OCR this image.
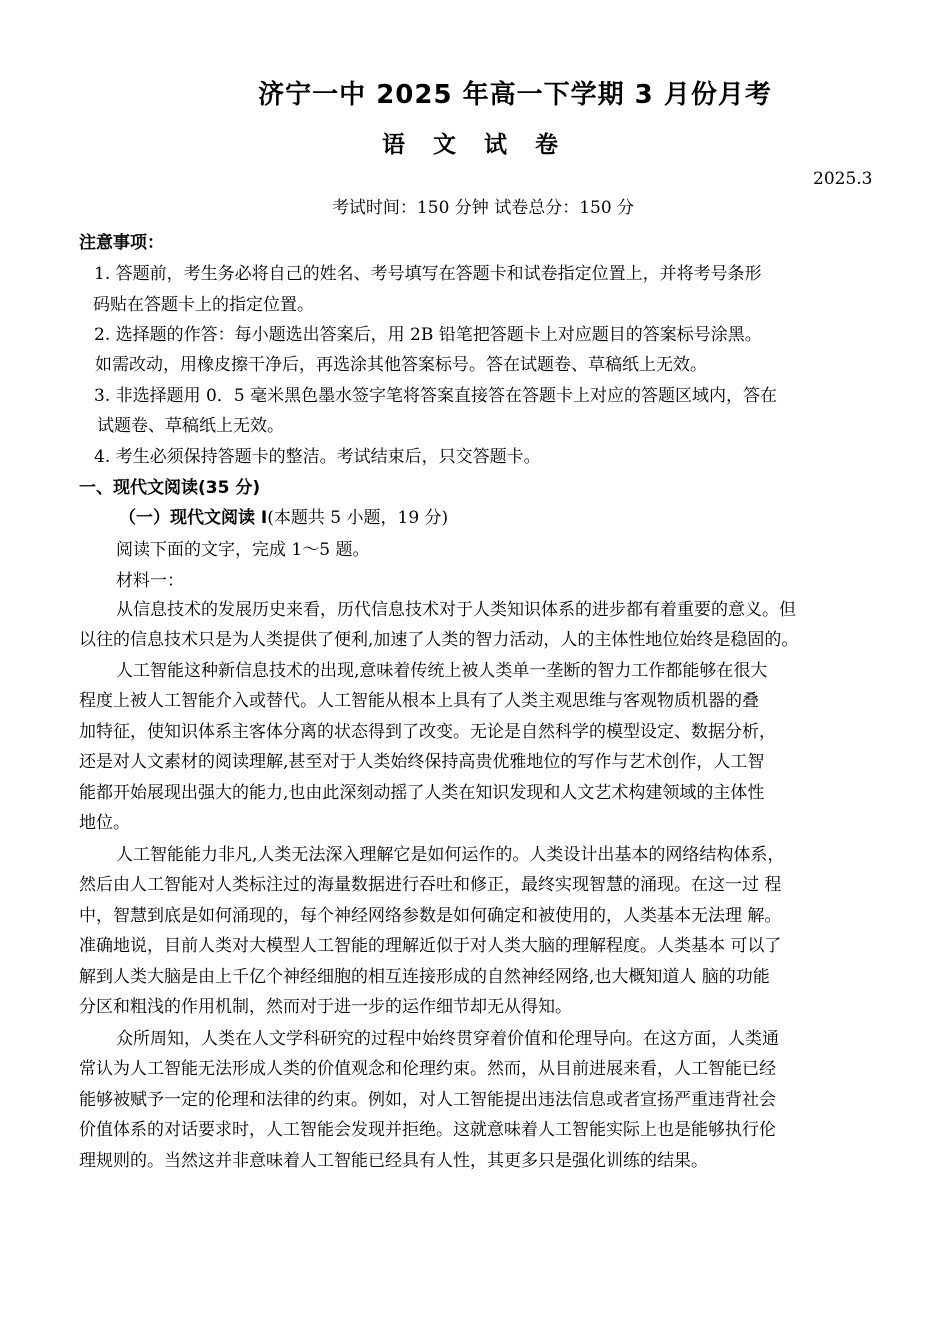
济宁一中 2025 年高一下学期 3 月份月考
语 文 试 卷
2025.3
考试时间：150 分钟 试卷总分：150 分
注意事项：
1. 答题前，考生务必将自己的姓名、考号填写在答题卡和试卷指定位置上，并将考号条形
码贴在答题卡上的指定位置。
2. 选择题的作答：每小题选出答案后，用 2B 铅笔把答题卡上对应题目的答案标号涂黑。
如需改动，用橡皮擦干净后，再选涂其他答案标号。答在试题卷、草稿纸上无效。
3. 非选择题用 0．5 毫米黑色墨水签字笔将答案直接答在答题卡上对应的答题区域内，答在
试题卷、草稿纸上无效。
4. 考生必须保持答题卡的整洁。考试结束后，只交答题卡。
一、现代文阅读(35 分)
（一）现代文阅读 Ⅰ(本题共 5 小题，19 分)
阅读下面的文字，完成 1～5 题。
材料一：
从信息技术的发展历史来看，历代信息技术对于人类知识体系的进步都有着重要的意义。但
以往的信息技术只是为人类提供了便利,加速了人类的智力活动，人的主体性地位始终是稳固的。
人工智能这种新信息技术的出现,意味着传统上被人类单一垄断的智力工作都能够在很大
程度上被人工智能介入或替代。人工智能从根本上具有了人类主观思维与客观物质机器的叠
加特征，使知识体系主客体分离的状态得到了改变。无论是自然科学的模型设定、数据分析，
还是对人文素材的阅读理解,甚至对于人类始终保持高贵优雅地位的写作与艺术创作，人工智
能都开始展现出强大的能力,也由此深刻动摇了人类在知识发现和人文艺术构建领域的主体性
地位。
人工智能能力非凡,人类无法深入理解它是如何运作的。人类设计出基本的网络结构体系，
然后由人工智能对人类标注过的海量数据进行吞吐和修正，最终实现智慧的涌现。在这一过 程
中，智慧到底是如何涌现的，每个神经网络参数是如何确定和被使用的，人类基本无法理 解。
准确地说，目前人类对大模型人工智能的理解近似于对人类大脑的理解程度。人类基本 可以了
解到人类大脑是由上千亿个神经细胞的相互连接形成的自然神经网络,也大概知道人 脑的功能
分区和粗浅的作用机制，然而对于进一步的运作细节却无从得知。
众所周知，人类在人文学科研究的过程中始终贯穿着价值和伦理导向。在这方面，人类通
常认为人工智能无法形成人类的价值观念和伦理约束。然而，从目前进展来看，人工智能已经
能够被赋予一定的伦理和法律的约束。例如，对人工智能提出违法信息或者宣扬严重违背社会
价值体系的对话要求时，人工智能会发现并拒绝。这就意味着人工智能实际上也是能够执行伦
理规则的。当然这并非意味着人工智能已经具有人性，其更多只是强化训练的结果。
